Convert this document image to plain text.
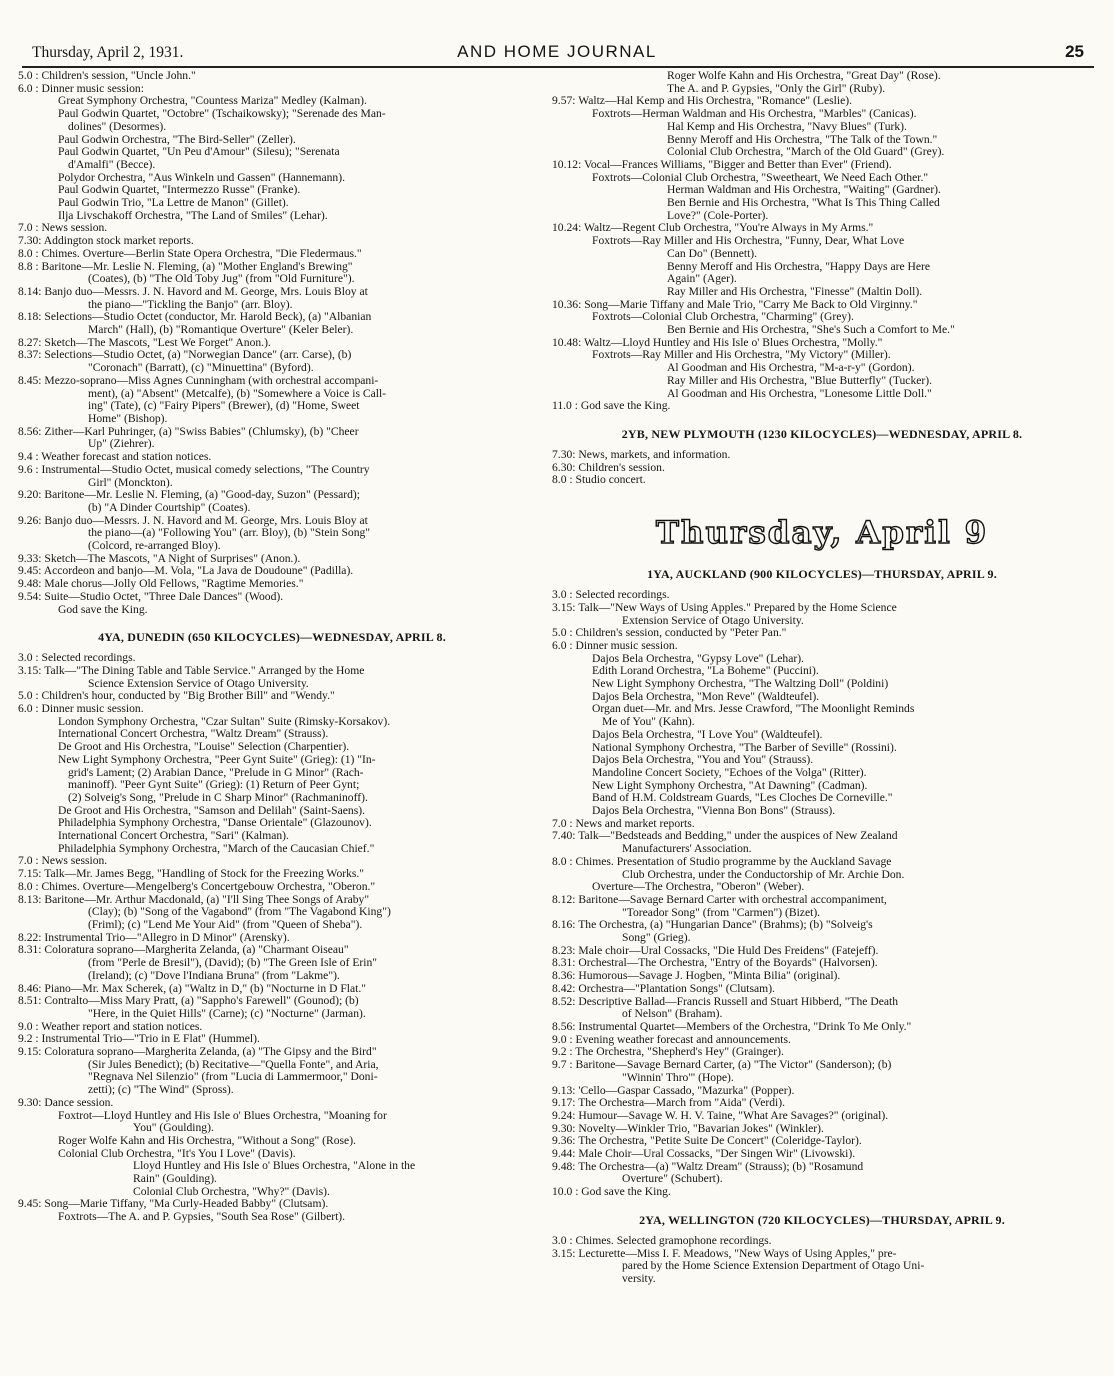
Thursday, April 2, 1931.	AND HOME JOURNAL	25
5.0 : Children's session, "Uncle John."
6.0 : Dinner music session:
Great Symphony Orchestra, "Countess Mariza" Medley (Kalman).
Paul Godwin Quartet, "Octobre" (Tschaikowsky); "Serenade des Man-
dolines" (Desormes).
Paul Godwin Orchestra, "The Bird-Seller" (Zeller).
Paul Godwin Quartet, "Un Peu d'Amour" (Silesu); "Serenata
d'Amalfi" (Becce).
Polydor Orchestra, "Aus Winkeln und Gassen" (Hannemann).
Paul Godwin Quartet, "Intermezzo Russe" (Franke).
Paul Godwin Trio, "La Lettre de Manon" (Gillet).
Ilja Livschakoff Orchestra, "The Land of Smiles" (Lehar).
7.0 : News session.
7.30: Addington stock market reports.
8.0 : Chimes. Overture—Berlin State Opera Orchestra, "Die Fledermaus."
8.8 : Baritone—Mr. Leslie N. Fleming, (a) "Mother England's Brewing"
(Coates), (b) "The Old Toby Jug" (from "Old Furniture").
8.14: Banjo duo—Messrs. J. N. Havord and M. George, Mrs. Louis Bloy at
the piano—"Tickling the Banjo" (arr. Bloy).
8.18: Selections—Studio Octet (conductor, Mr. Harold Beck), (a) "Albanian
March" (Hall), (b) "Romantique Overture" (Keler Beler).
8.27: Sketch—The Mascots, "Lest We Forget" Anon.).
8.37: Selections—Studio Octet, (a) "Norwegian Dance" (arr. Carse), (b)
"Coronach" (Barratt), (c) "Minuettina" (Byford).
8.45: Mezzo-soprano—Miss Agnes Cunningham (with orchestral accompani-
ment), (a) "Absent" (Metcalfe), (b) "Somewhere a Voice is Call-
ing" (Tate), (c) "Fairy Pipers" (Brewer), (d) "Home, Sweet
Home" (Bishop).
8.56: Zither—Karl Puhringer, (a) "Swiss Babies" (Chlumsky), (b) "Cheer
Up" (Ziehrer).
9.4 : Weather forecast and station notices.
9.6 : Instrumental—Studio Octet, musical comedy selections, "The Country
Girl" (Monckton).
9.20: Baritone—Mr. Leslie N. Fleming, (a) "Good-day, Suzon" (Pessard);
(b) "A Dinder Courtship" (Coates).
9.26: Banjo duo—Messrs. J. N. Havord and M. George, Mrs. Louis Bloy at
the piano—(a) "Following You" (arr. Bloy), (b) "Stein Song"
(Colcord, re-arranged Bloy).
9.33: Sketch—The Mascots, "A Night of Surprises" (Anon.).
9.45: Accordeon and banjo—M. Vola, "La Java de Doudoune" (Padilla).
9.48: Male chorus—Jolly Old Fellows, "Ragtime Memories."
9.54: Suite—Studio Octet, "Three Dale Dances" (Wood).
God save the King.
4YA, DUNEDIN (650 KILOCYCLES)—WEDNESDAY, APRIL 8.
3.0 : Selected recordings.
3.15: Talk—"The Dining Table and Table Service." Arranged by the Home
Science Extension Service of Otago University.
5.0 : Children's hour, conducted by "Big Brother Bill" and "Wendy."
6.0 : Dinner music session.
London Symphony Orchestra, "Czar Sultan" Suite (Rimsky-Korsakov).
International Concert Orchestra, "Waltz Dream" (Strauss).
De Groot and His Orchestra, "Louise" Selection (Charpentier).
New Light Symphony Orchestra, "Peer Gynt Suite" (Grieg): (1) "In-
grid's Lament; (2) Arabian Dance, "Prelude in G Minor" (Rach-
maninoff). "Peer Gynt Suite" (Grieg): (1) Return of Peer Gynt;
(2) Solveig's Song, "Prelude in C Sharp Minor" (Rachmaninoff).
De Groot and His Orchestra, "Samson and Delilah" (Saint-Saens).
Philadelphia Symphony Orchestra, "Danse Orientale" (Glazounov).
International Concert Orchestra, "Sari" (Kalman).
Philadelphia Symphony Orchestra, "March of the Caucasian Chief."
7.0 : News session.
7.15: Talk—Mr. James Begg, "Handling of Stock for the Freezing Works."
8.0 : Chimes. Overture—Mengelberg's Concertgebouw Orchestra, "Oberon."
8.13: Baritone—Mr. Arthur Macdonald, (a) "I'll Sing Thee Songs of Araby"
(Clay); (b) "Song of the Vagabond" (from "The Vagabond King")
(Friml); (c) "Lend Me Your Aid" (from "Queen of Sheba").
8.22: Instrumental Trio—"Allegro in D Minor" (Arensky).
8.31: Coloratura soprano—Margherita Zelanda, (a) "Charmant Oiseau"
(from "Perle de Bresil"), (David); (b) "The Green Isle of Erin"
(Ireland); (c) "Dove l'Indiana Bruna" (from "Lakme").
8.46: Piano—Mr. Max Scherek, (a) "Waltz in D," (b) "Nocturne in D Flat."
8.51: Contralto—Miss Mary Pratt, (a) "Sappho's Farewell" (Gounod); (b)
"Here, in the Quiet Hills" (Carne); (c) "Nocturne" (Jarman).
9.0 : Weather report and station notices.
9.2 : Instrumental Trio—"Trio in E Flat" (Hummel).
9.15: Coloratura soprano—Margherita Zelanda, (a) "The Gipsy and the Bird"
(Sir Jules Benedict); (b) Recitative—"Quella Fonte", and Aria,
"Regnava Nel Silenzio" (from "Lucia di Lammermoor," Doni-
zetti); (c) "The Wind" (Spross).
9.30: Dance session.
Foxtrot—Lloyd Huntley and His Isle o' Blues Orchestra, "Moaning for
You" (Goulding).
Roger Wolfe Kahn and His Orchestra, "Without a Song" (Rose).
Colonial Club Orchestra, "It's You I Love" (Davis).
Lloyd Huntley and His Isle o' Blues Orchestra, "Alone in the
Rain" (Goulding).
Colonial Club Orchestra, "Why?" (Davis).
9.45: Song—Marie Tiffany, "Ma Curly-Headed Babby" (Clutsam).
Foxtrots—The A. and P. Gypsies, "South Sea Rose" (Gilbert).
Roger Wolfe Kahn and His Orchestra, "Great Day" (Rose).
The A. and P. Gypsies, "Only the Girl" (Ruby).
9.57: Waltz—Hal Kemp and His Orchestra, "Romance" (Leslie).
Foxtrots—Herman Waldman and His Orchestra, "Marbles" (Canicas).
Hal Kemp and His Orchestra, "Navy Blues" (Turk).
Benny Meroff and His Orchestra, "The Talk of the Town."
Colonial Club Orchestra, "March of the Old Guard" (Grey).
10.12: Vocal—Frances Williams, "Bigger and Better than Ever" (Friend).
Foxtrots—Colonial Club Orchestra, "Sweetheart, We Need Each Other."
Herman Waldman and His Orchestra, "Waiting" (Gardner).
Ben Bernie and His Orchestra, "What Is This Thing Called
Love?" (Cole-Porter).
10.24: Waltz—Regent Club Orchestra, "You're Always in My Arms."
Foxtrots—Ray Miller and His Orchestra, "Funny, Dear, What Love
Can Do" (Bennett).
Benny Meroff and His Orchestra, "Happy Days are Here
Again" (Ager).
Ray Miller and His Orchestra, "Finesse" (Maltin Doll).
10.36: Song—Marie Tiffany and Male Trio, "Carry Me Back to Old Virginny."
Foxtrots—Colonial Club Orchestra, "Charming" (Grey).
Ben Bernie and His Orchestra, "She's Such a Comfort to Me."
10.48: Waltz—Lloyd Huntley and His Isle o' Blues Orchestra, "Molly."
Foxtrots—Ray Miller and His Orchestra, "My Victory" (Miller).
Al Goodman and His Orchestra, "M-a-r-y" (Gordon).
Ray Miller and His Orchestra, "Blue Butterfly" (Tucker).
Al Goodman and His Orchestra, "Lonesome Little Doll."
11.0 : God save the King.
2YB, NEW PLYMOUTH (1230 KILOCYCLES)—WEDNESDAY, APRIL 8.
7.30: News, markets, and information.
6.30: Children's session.
8.0 : Studio concert.
Thursday, April 9
1YA, AUCKLAND (900 KILOCYCLES)—THURSDAY, APRIL 9.
3.0 : Selected recordings.
3.15: Talk—"New Ways of Using Apples." Prepared by the Home Science
Extension Service of Otago University.
5.0 : Children's session, conducted by "Peter Pan."
6.0 : Dinner music session.
Dajos Bela Orchestra, "Gypsy Love" (Lehar).
Edith Lorand Orchestra, "La Boheme" (Puccini).
New Light Symphony Orchestra, "The Waltzing Doll" (Poldini)
Dajos Bela Orchestra, "Mon Reve" (Waldteufel).
Organ duet—Mr. and Mrs. Jesse Crawford, "The Moonlight Reminds
Me of You" (Kahn).
Dajos Bela Orchestra, "I Love You" (Waldteufel).
National Symphony Orchestra, "The Barber of Seville" (Rossini).
Dajos Bela Orchestra, "You and You" (Strauss).
Mandoline Concert Society, "Echoes of the Volga" (Ritter).
New Light Symphony Orchestra, "At Dawning" (Cadman).
Band of H.M. Coldstream Guards, "Les Cloches De Corneville."
Dajos Bela Orchestra, "Vienna Bon Bons" (Strauss).
7.0 : News and market reports.
7.40: Talk—"Bedsteads and Bedding," under the auspices of New Zealand
Manufacturers' Association.
8.0 : Chimes. Presentation of Studio programme by the Auckland Savage
Club Orchestra, under the Conductorship of Mr. Archie Don.
Overture—The Orchestra, "Oberon" (Weber).
8.12: Baritone—Savage Bernard Carter with orchestral accompaniment,
"Toreador Song" (from "Carmen") (Bizet).
8.16: The Orchestra, (a) "Hungarian Dance" (Brahms); (b) "Solveig's
Song" (Grieg).
8.23: Male choir—Ural Cossacks, "Die Huld Des Freidens" (Fatejeff).
8.31: Orchestral—The Orchestra, "Entry of the Boyards" (Halvorsen).
8.36: Humorous—Savage J. Hogben, "Minta Bilia" (original).
8.42: Orchestra—"Plantation Songs" (Clutsam).
8.52: Descriptive Ballad—Francis Russell and Stuart Hibberd, "The Death
of Nelson" (Braham).
8.56: Instrumental Quartet—Members of the Orchestra, "Drink To Me Only."
9.0 : Evening weather forecast and announcements.
9.2 : The Orchestra, "Shepherd's Hey" (Grainger).
9.7 : Baritone—Savage Bernard Carter, (a) "The Victor" (Sanderson); (b)
"Winnin' Thro'" (Hope).
9.13: 'Cello—Gaspar Cassado, "Mazurka" (Popper).
9.17: The Orchestra—March from "Aida" (Verdi).
9.24: Humour—Savage W. H. V. Taine, "What Are Savages?" (original).
9.30: Novelty—Winkler Trio, "Bavarian Jokes" (Winkler).
9.36: The Orchestra, "Petite Suite De Concert" (Coleridge-Taylor).
9.44: Male Choir—Ural Cossacks, "Der Singen Wir" (Livowski).
9.48: The Orchestra—(a) "Waltz Dream" (Strauss); (b) "Rosamund
Overture" (Schubert).
10.0 : God save the King.
2YA, WELLINGTON (720 KILOCYCLES)—THURSDAY, APRIL 9.
3.0 : Chimes. Selected gramophone recordings.
3.15: Lecturette—Miss I. F. Meadows, "New Ways of Using Apples," pre-
pared by the Home Science Extension Department of Otago Uni-
versity.
